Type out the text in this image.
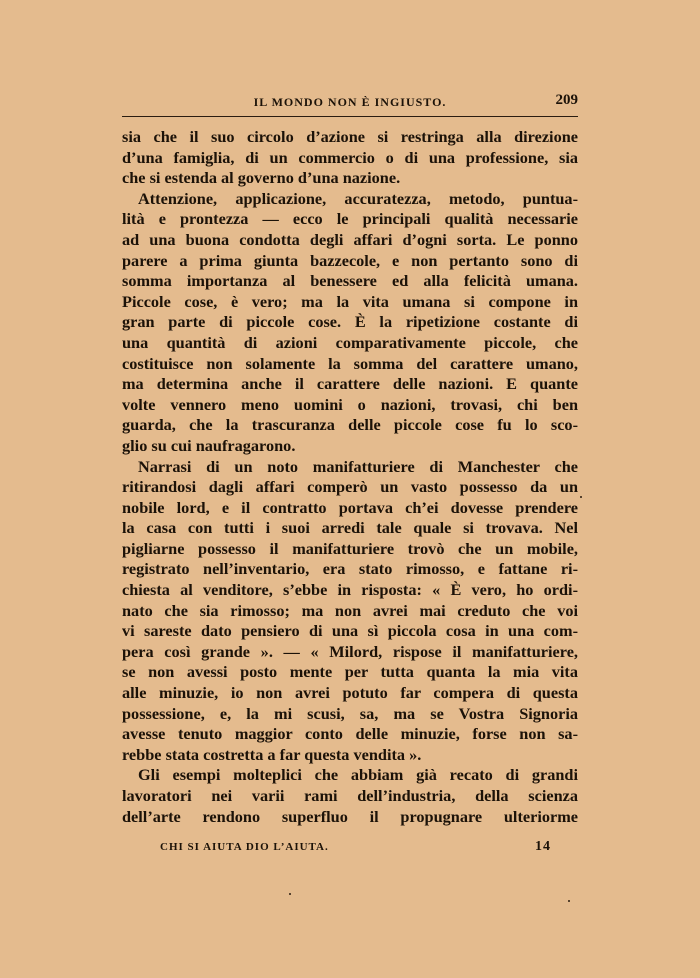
IL MONDO NON È INGIUSTO.	209
sia che il suo circolo d’azione si restringa alla direzione
d’una famiglia, di un commercio o di una professione, sia
che si estenda al governo d’una nazione.
Attenzione, applicazione, accuratezza, metodo, puntua-
lità e prontezza — ecco le principali qualità necessarie
ad una buona condotta degli affari d’ogni sorta. Le ponno
parere a prima giunta bazzecole, e non pertanto sono di
somma importanza al benessere ed alla felicità umana.
Piccole cose, è vero; ma la vita umana si compone in
gran parte di piccole cose. È la ripetizione costante di
una quantità di azioni comparativamente piccole, che
costituisce non solamente la somma del carattere umano,
ma determina anche il carattere delle nazioni. E quante
volte vennero meno uomini o nazioni, trovasi, chi ben
guarda, che la trascuranza delle piccole cose fu lo sco-
glio su cui naufragarono.
Narrasi di un noto manifatturiere di Manchester che
ritirandosi dagli affari comperò un vasto possesso da un
nobile lord, e il contratto portava ch’ei dovesse prendere
la casa con tutti i suoi arredi tale quale si trovava. Nel
pigliarne possesso il manifatturiere trovò che un mobile,
registrato nell’inventario, era stato rimosso, e fattane ri-
chiesta al venditore, s’ebbe in risposta: « È vero, ho ordi-
nato che sia rimosso; ma non avrei mai creduto che voi
vi sareste dato pensiero di una sì piccola cosa in una com-
pera così grande ». — « Milord, rispose il manifatturiere,
se non avessi posto mente per tutta quanta la mia vita
alle minuzie, io non avrei potuto far compera di questa
possessione, e, la mi scusi, sa, ma se Vostra Signoria
avesse tenuto maggior conto delle minuzie, forse non sa-
rebbe stata costretta a far questa vendita ».
Gli esempi molteplici che abbiam già recato di grandi
lavoratori nei varii rami dell’industria, della scienza
dell’arte rendono superfluo il propugnare ulteriorme
CHI SI AIUTA DIO L’AIUTA.	14
